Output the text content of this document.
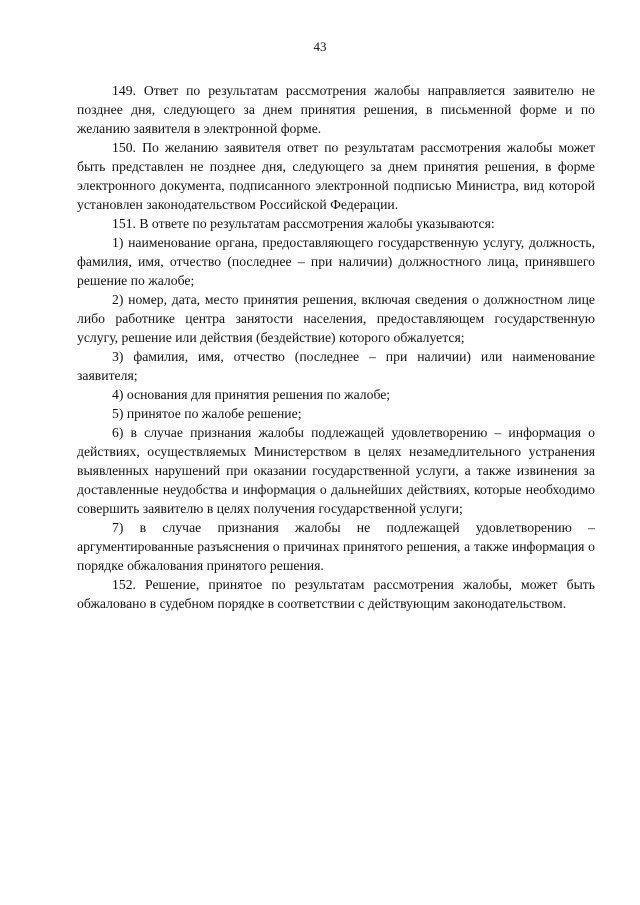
43

149. Ответ по результатам рассмотрения жалобы направляется заявителю не позднее дня, следующего за днем принятия решения, в письменной форме и по желанию заявителя в электронной форме.

150. По желанию заявителя ответ по результатам рассмотрения жалобы может быть представлен не позднее дня, следующего за днем принятия решения, в форме электронного документа, подписанного электронной подписью Министра, вид которой установлен законодательством Российской Федерации.

151. В ответе по результатам рассмотрения жалобы указываются:

1) наименование органа, предоставляющего государственную услугу, должность, фамилия, имя, отчество (последнее – при наличии) должностного лица, принявшего решение по жалобе;

2) номер, дата, место принятия решения, включая сведения о должностном лице либо работнике центра занятости населения, предоставляющем государственную услугу, решение или действия (бездействие) которого обжалуется;

3) фамилия, имя, отчество (последнее – при наличии) или наименование заявителя;

4) основания для принятия решения по жалобе;

5) принятое по жалобе решение;

6) в случае признания жалобы подлежащей удовлетворению – информация о действиях, осуществляемых Министерством в целях незамедлительного устранения выявленных нарушений при оказании государственной услуги, а также извинения за доставленные неудобства и информация о дальнейших действиях, которые необходимо совершить заявителю в целях получения государственной услуги;

7) в случае признания жалобы не подлежащей удовлетворению – аргументированные разъяснения о причинах принятого решения, а также информация о порядке обжалования принятого решения.

152. Решение, принятое по результатам рассмотрения жалобы, может быть обжаловано в судебном порядке в соответствии с действующим законодательством.
